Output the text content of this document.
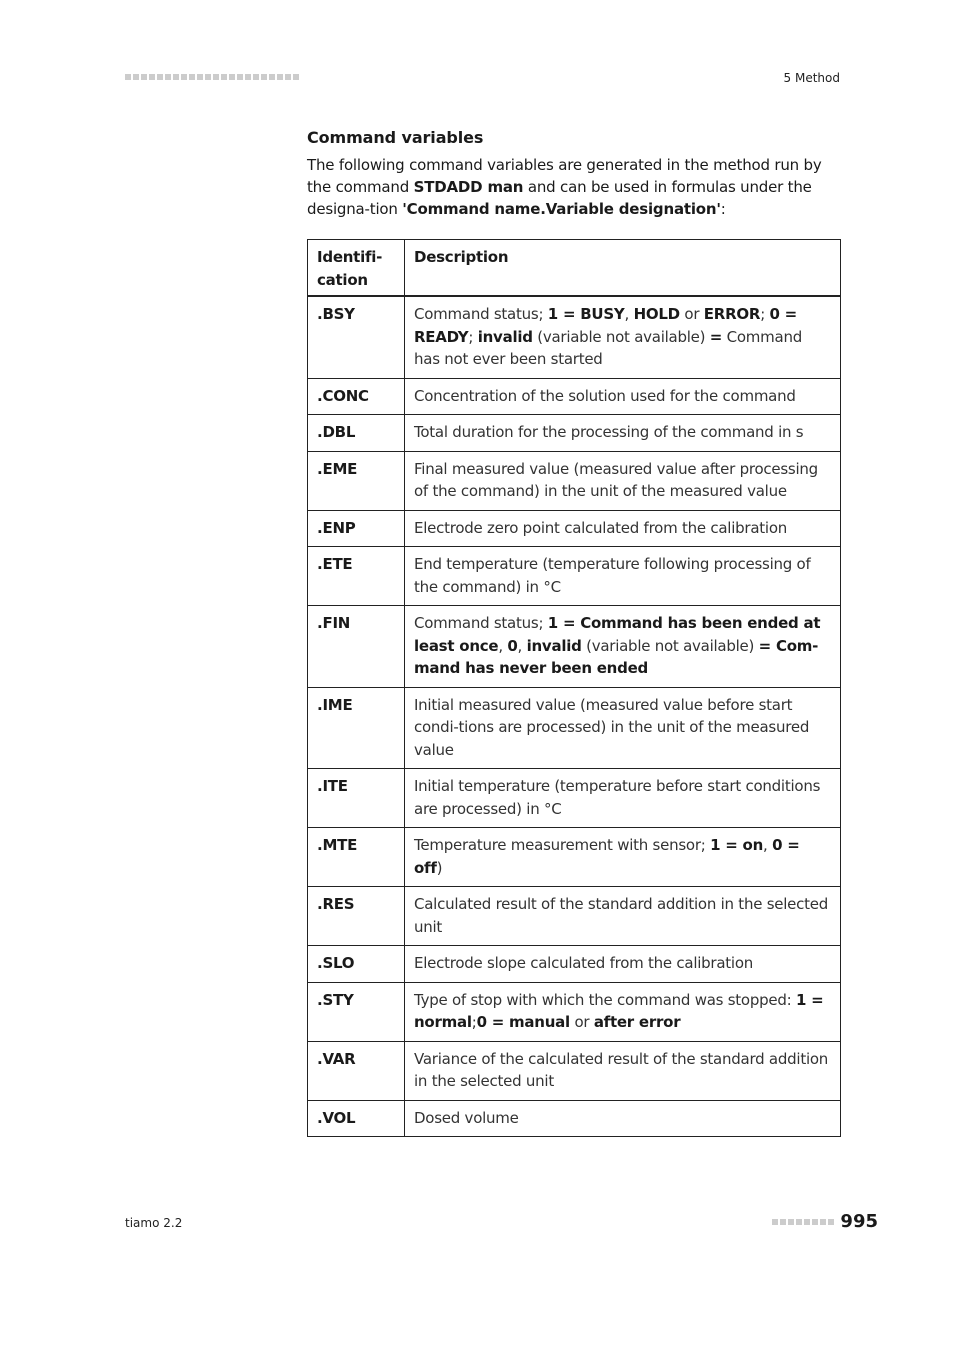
5 Method
Command variables

The following command variables are generated in the method run by the command STDADD man and can be used in formulas under the designa-tion 'Command name.Variable designation':

Identifi-cation	Description
.BSY	Command status; 1 = BUSY, HOLD or ERROR; 0 = READY; invalid (variable not available) = Command has not ever been started
.CONC	Concentration of the solution used for the command
.DBL	Total duration for the processing of the command in s
.EME	Final measured value (measured value after processing of the command) in the unit of the measured value
.ENP	Electrode zero point calculated from the calibration
.ETE	End temperature (temperature following processing of the command) in °C
.FIN	Command status; 1 = Command has been ended at least once, 0, invalid (variable not available) = Com-mand has never been ended
.IME	Initial measured value (measured value before start condi-tions are processed) in the unit of the measured value
.ITE	Initial temperature (temperature before start conditions are processed) in °C
.MTE	Temperature measurement with sensor; 1 = on, 0 = off)
.RES	Calculated result of the standard addition in the selected unit
.SLO	Electrode slope calculated from the calibration
.STY	Type of stop with which the command was stopped: 1 = normal;0 = manual or after error
.VAR	Variance of the calculated result of the standard addition in the selected unit
.VOL	Dosed volume
tiamo 2.2	995
